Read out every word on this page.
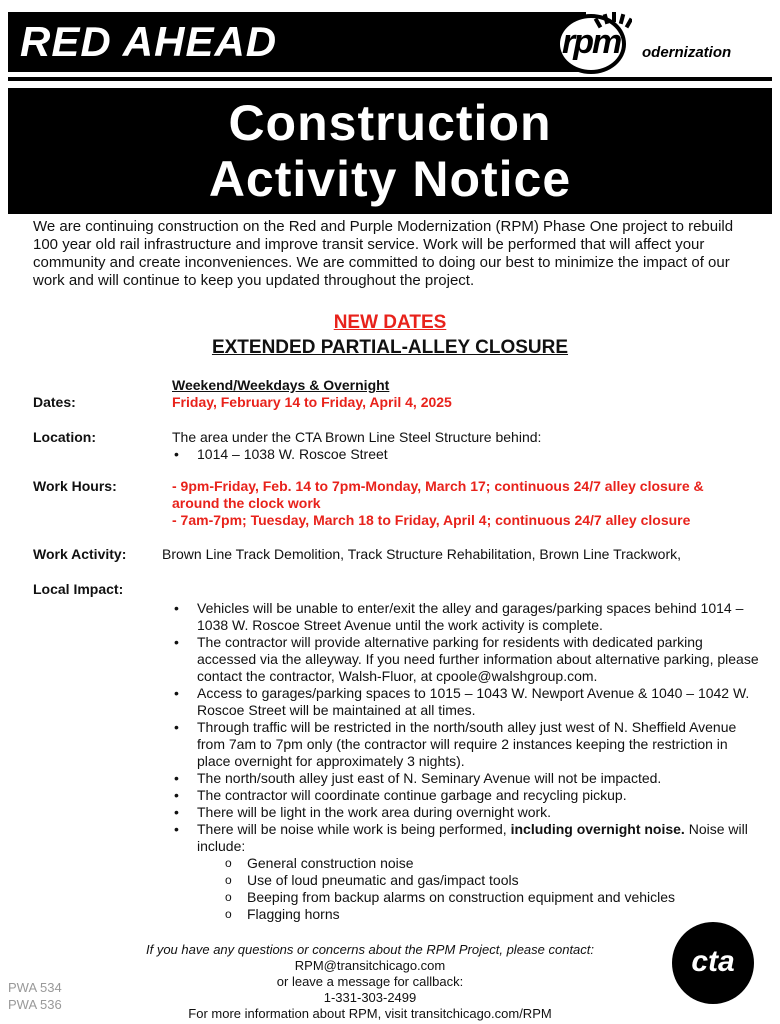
RED AHEAD	rpm odernization
Construction
Activity Notice
We are continuing construction on the Red and Purple Modernization (RPM) Phase One project to rebuild 100 year old rail infrastructure and improve transit service. Work will be performed that will affect your community and create inconveniences. We are committed to doing our best to minimize the impact of our work and will continue to keep you updated throughout the project.
NEW DATES
EXTENDED PARTIAL-ALLEY CLOSURE
Weekend/Weekdays & Overnight
Dates:	Friday, February 14 to Friday, April 4, 2025
Location:	The area under the CTA Brown Line Steel Structure behind:
• 1014 – 1038 W. Roscoe Street
Work Hours:	- 9pm-Friday, Feb. 14 to 7pm-Monday, March 17; continuous 24/7 alley closure & around the clock work
- 7am-7pm; Tuesday, March 18 to Friday, April 4; continuous 24/7 alley closure
Work Activity:	Brown Line Track Demolition, Track Structure Rehabilitation, Brown Line Trackwork,
Local Impact:
• Vehicles will be unable to enter/exit the alley and garages/parking spaces behind 1014 – 1038 W. Roscoe Street Avenue until the work activity is complete.
• The contractor will provide alternative parking for residents with dedicated parking accessed via the alleyway. If you need further information about alternative parking, please contact the contractor, Walsh-Fluor, at cpoole@walshgroup.com.
• Access to garages/parking spaces to 1015 – 1043 W. Newport Avenue & 1040 – 1042 W. Roscoe Street will be maintained at all times.
• Through traffic will be restricted in the north/south alley just west of N. Sheffield Avenue from 7am to 7pm only (the contractor will require 2 instances keeping the restriction in place overnight for approximately 3 nights).
• The north/south alley just east of N. Seminary Avenue will not be impacted.
• The contractor will coordinate continue garbage and recycling pickup.
• There will be light in the work area during overnight work.
• There will be noise while work is being performed, including overnight noise. Noise will include:
o General construction noise
o Use of loud pneumatic and gas/impact tools
o Beeping from backup alarms on construction equipment and vehicles
o Flagging horns
If you have any questions or concerns about the RPM Project, please contact:
RPM@transitchicago.com
or leave a message for callback:
1-331-303-2499
For more information about RPM, visit transitchicago.com/RPM
PWA 534
PWA 536
cta
